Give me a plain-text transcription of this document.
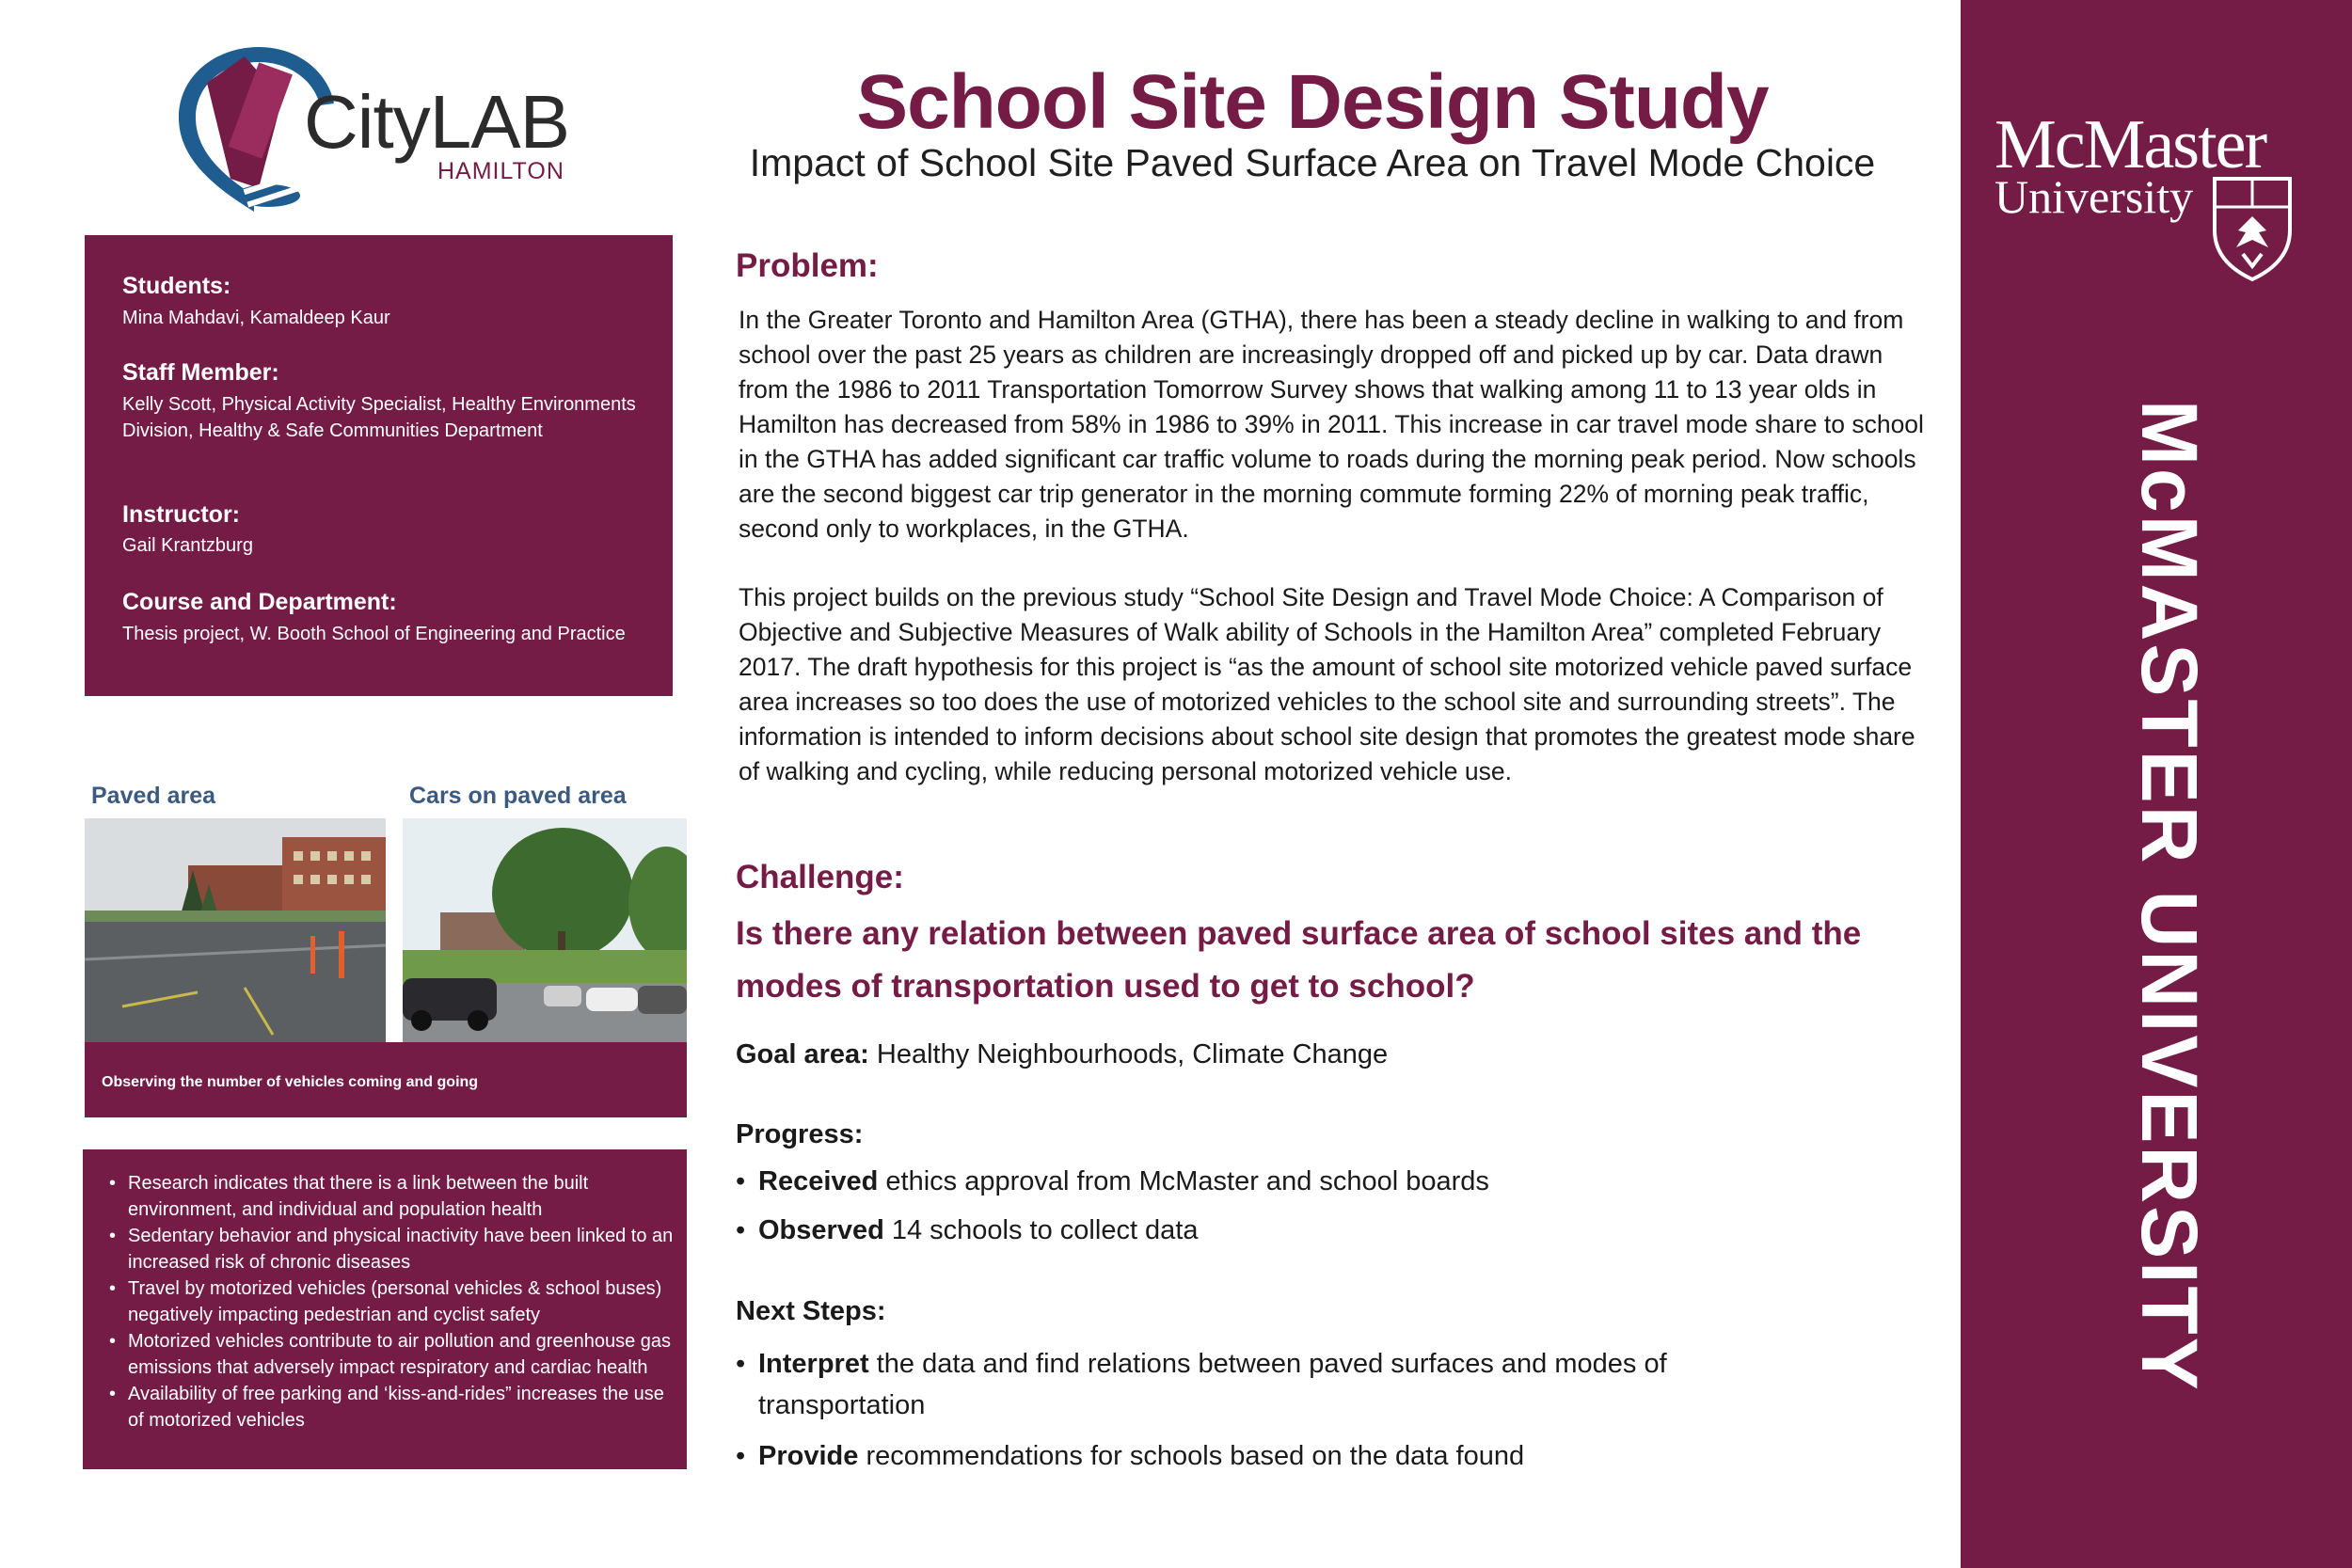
CityLAB
HAMILTON
School Site Design Study
Impact of School Site Paved Surface Area on Travel Mode Choice
Students:
Mina Mahdavi, Kamaldeep Kaur
Staff Member:
Kelly Scott, Physical Activity Specialist, Healthy Environments Division, Healthy & Safe Communities Department
Instructor:
Gail Krantzburg
Course and Department:
Thesis project, W. Booth School of Engineering and Practice
Paved area	Cars on paved area
Observing the number of vehicles coming and going
• Research indicates that there is a link between the built environment, and individual and population health
• Sedentary behavior and physical inactivity have been linked to an increased risk of chronic diseases
• Travel by motorized vehicles (personal vehicles & school buses) negatively impacting pedestrian and cyclist safety
• Motorized vehicles contribute to air pollution and greenhouse gas emissions that adversely impact respiratory and cardiac health
• Availability of free parking and ‘kiss-and-rides” increases the use of motorized vehicles
Problem:
In the Greater Toronto and Hamilton Area (GTHA), there has been a steady decline in walking to and from school over the past 25 years as children are increasingly dropped off and picked up by car. Data drawn from the 1986 to 2011 Transportation Tomorrow Survey shows that walking among 11 to 13 year olds in Hamilton has decreased from 58% in 1986 to 39% in 2011. This increase in car travel mode share to school in the GTHA has added significant car traffic volume to roads during the morning peak period. Now schools are the second biggest car trip generator in the morning commute forming 22% of morning peak traffic, second only to workplaces, in the GTHA.
This project builds on the previous study “School Site Design and Travel Mode Choice: A Comparison of Objective and Subjective Measures of Walk ability of Schools in the Hamilton Area” completed February 2017. The draft hypothesis for this project is “as the amount of school site motorized vehicle paved surface area increases so too does the use of motorized vehicles to the school site and surrounding streets”. The information is intended to inform decisions about school site design that promotes the greatest mode share of walking and cycling, while reducing personal motorized vehicle use.
Challenge:
Is there any relation between paved surface area of school sites and the modes of transportation used to get to school?
Goal area: Healthy Neighbourhoods, Climate Change
Progress:
• Received ethics approval from McMaster and school boards
• Observed 14 schools to collect data
Next Steps:
• Interpret the data and find relations between paved surfaces and modes of
transportation
• Provide recommendations for schools based on the data found
McMaster
University
McMASTER UNIVERSITY
